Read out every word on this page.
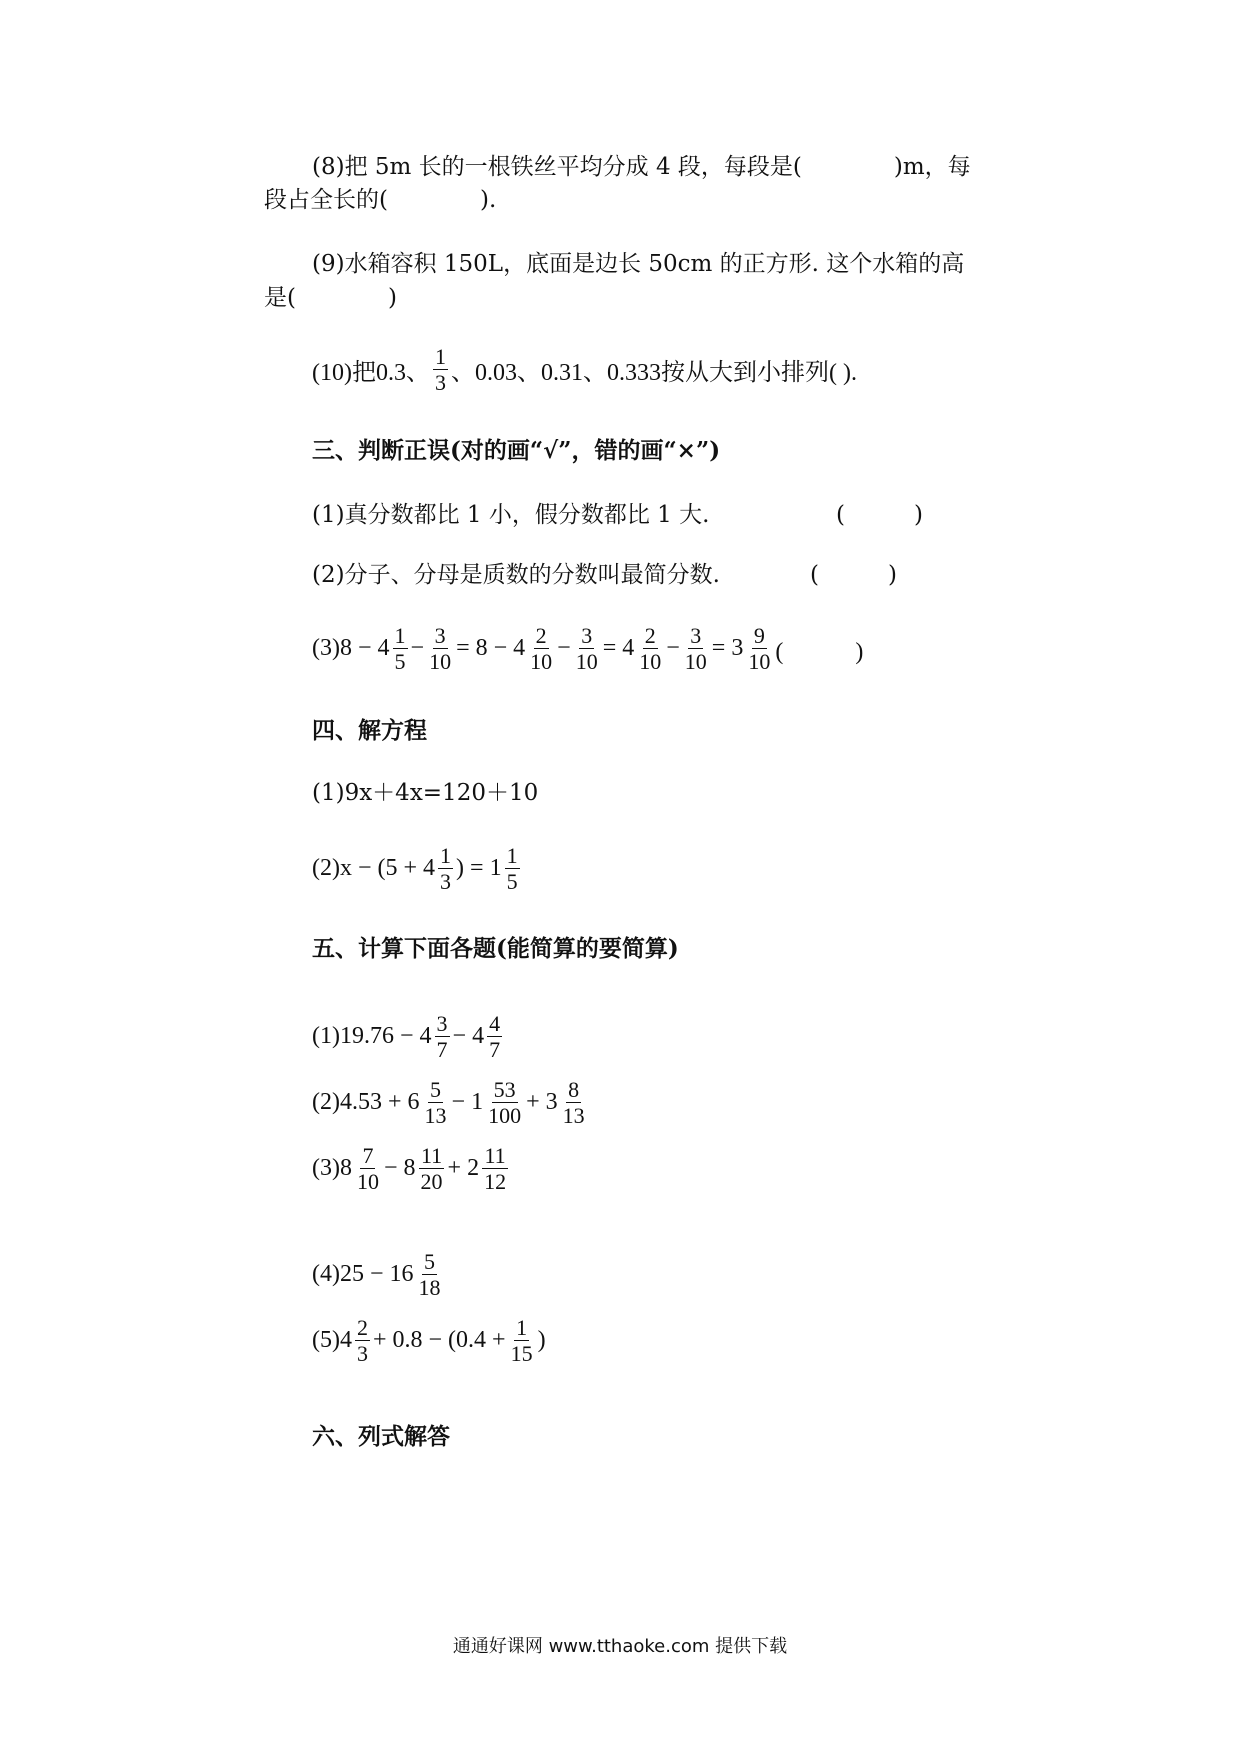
(8)把 5m 长的一根铁丝平均分成 4 段，每段是(　　　　)m，每
段占全长的(　　　　).
(9)水箱容积 150L，底面是边长 50cm 的正方形. 这个水箱的高
是(　　　　)
(10)把0.3、 $\frac{1}{3}$ 、0.03、0.31、0.333按从大到小排列( ).
三、判断正误(对的画“√”，错的画“×”)
(1)真分数都比 1 小，假分数都比 1 大.	(　　　)
(2)分子、分母是质数的分数叫最简分数.	(　　　)
$(3)8 - 4 \frac{1}{5} - \frac{3}{10} = 8 - 4 \frac{2}{10} - \frac{3}{10} = 4 \frac{2}{10} - \frac{3}{10} = 3 \frac{9}{10}$ (　　　)
四、解方程
(1)9x＋4x=120＋10
$(2)x - (5 + 4 \frac{1}{3}$ ) = $1 \frac{1}{5}$
五、计算下面各题(能简算的要简算)
$(1)19.76 - 4 \frac{3}{7} - 4 \frac{4}{7}$
$(2)4.53 + 6 \frac{5}{13} - 1 \frac{53}{100} + 3 \frac{8}{13}$
$(3)8 \frac{7}{10} - 8 \frac{11}{20} + 2 \frac{11}{12}$
$(4)25 - 16 \frac{5}{18}$
$(5)4 \frac{2}{3} + 0.8 - (0.4 + \frac{1}{15}$ )
六、列式解答
通通好课网 www.tthaoke.com 提供下载
